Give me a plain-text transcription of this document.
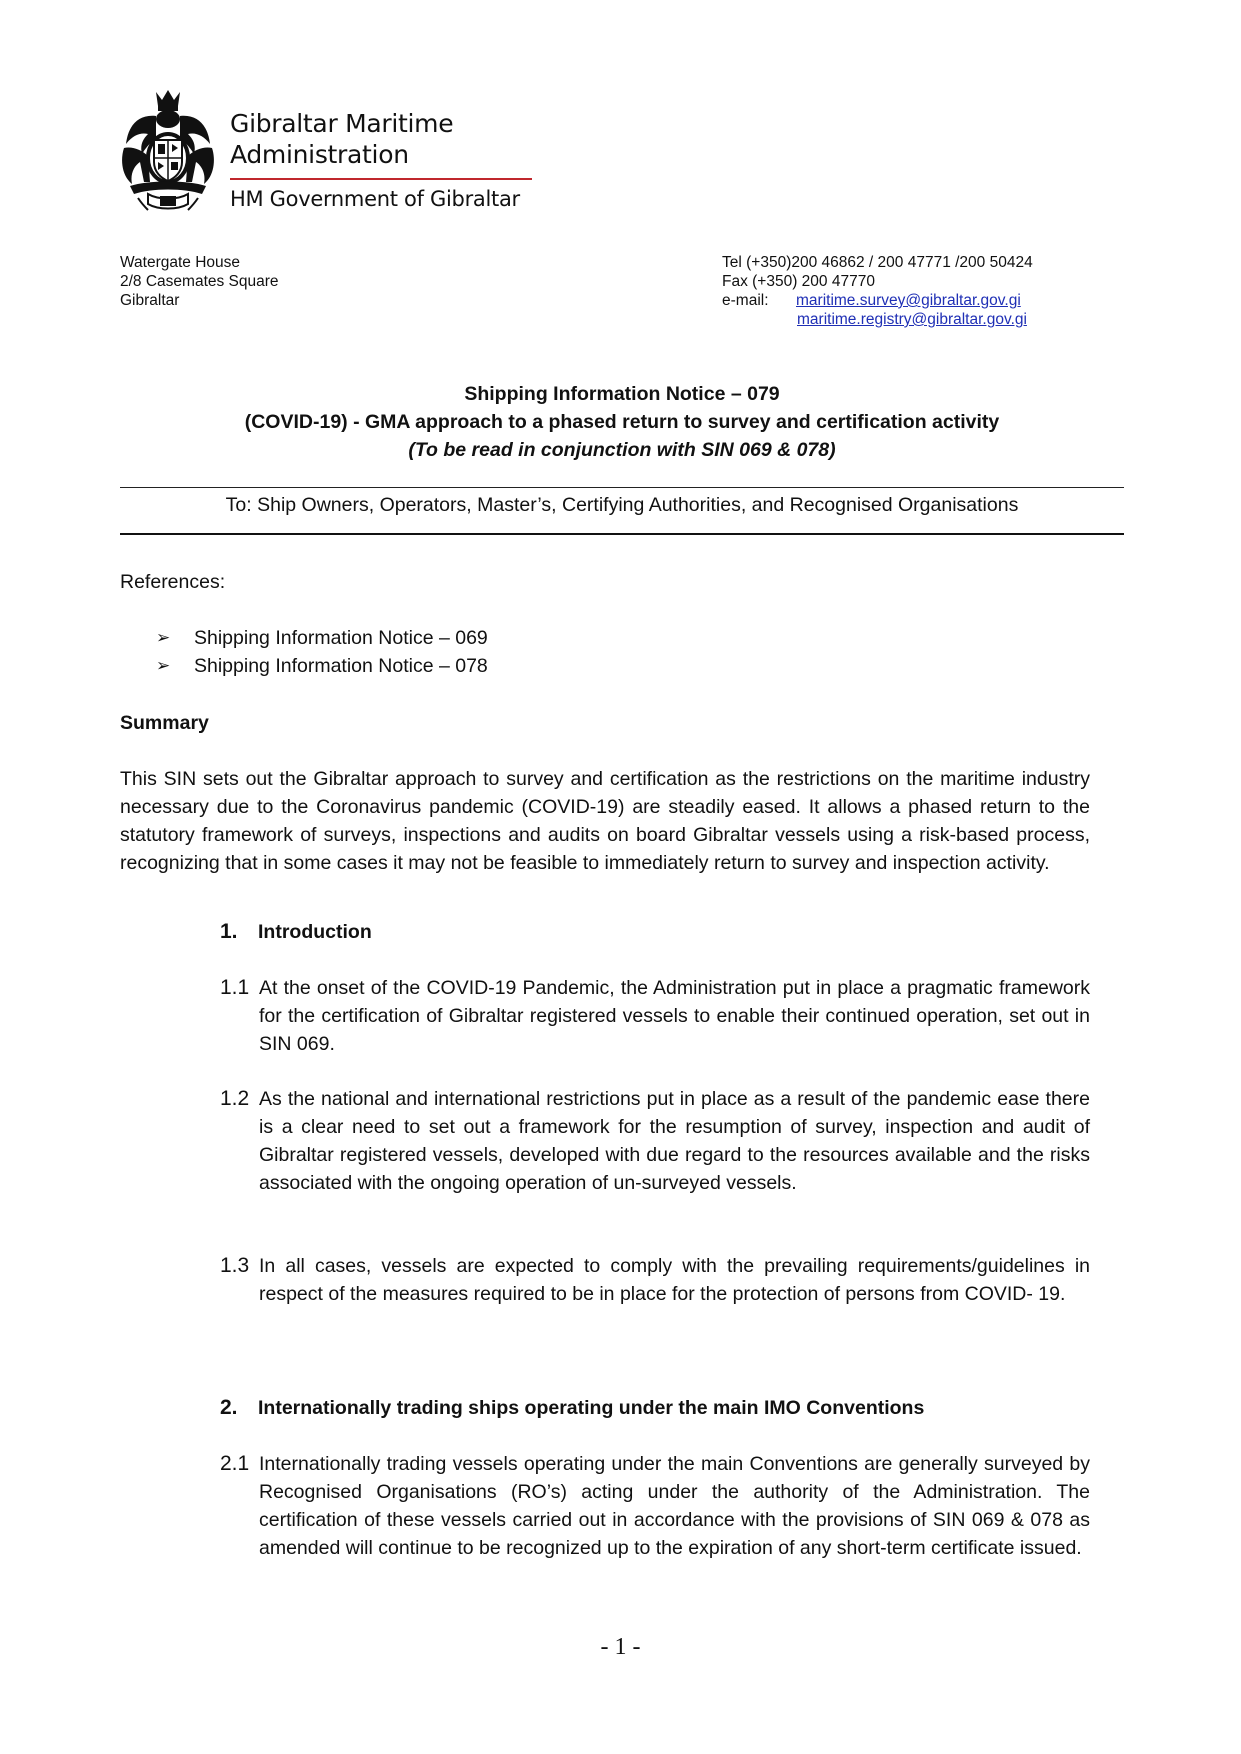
Gibraltar Maritime
Administration
HM Government of Gibraltar
Watergate House
2/8 Casemates Square
Gibraltar
Tel (+350)200 46862 / 200 47771 /200 50424
Fax (+350) 200 47770
e-mail: maritime.survey@gibraltar.gov.gi
maritime.registry@gibraltar.gov.gi
Shipping Information Notice – 079
(COVID-19) - GMA approach to a phased return to survey and certification activity
(To be read in conjunction with SIN 069 & 078)
To: Ship Owners, Operators, Master’s, Certifying Authorities, and Recognised Organisations
References:
➢ Shipping Information Notice – 069
➢ Shipping Information Notice – 078
Summary

This SIN sets out the Gibraltar approach to survey and certification as the restrictions on the maritime industry necessary due to the Coronavirus pandemic (COVID-19) are steadily eased. It allows a phased return to the statutory framework of surveys, inspections and audits on board Gibraltar vessels using a risk-based process, recognizing that in some cases it may not be feasible to immediately return to survey and inspection activity.

1. Introduction
1.1 At the onset of the COVID-19 Pandemic, the Administration put in place a pragmatic framework for the certification of Gibraltar registered vessels to enable their continued operation, set out in SIN 069.
1.2 As the national and international restrictions put in place as a result of the pandemic ease there is a clear need to set out a framework for the resumption of survey, inspection and audit of Gibraltar registered vessels, developed with due regard to the resources available and the risks associated with the ongoing operation of un-surveyed vessels.
1.3 In all cases, vessels are expected to comply with the prevailing requirements/guidelines in respect of the measures required to be in place for the protection of persons from COVID- 19.
2. Internationally trading ships operating under the main IMO Conventions
2.1 Internationally trading vessels operating under the main Conventions are generally surveyed by Recognised Organisations (RO’s) acting under the authority of the Administration. The certification of these vessels carried out in accordance with the provisions of SIN 069 & 078 as amended will continue to be recognized up to the expiration of any short-term certificate issued.
- 1 -
